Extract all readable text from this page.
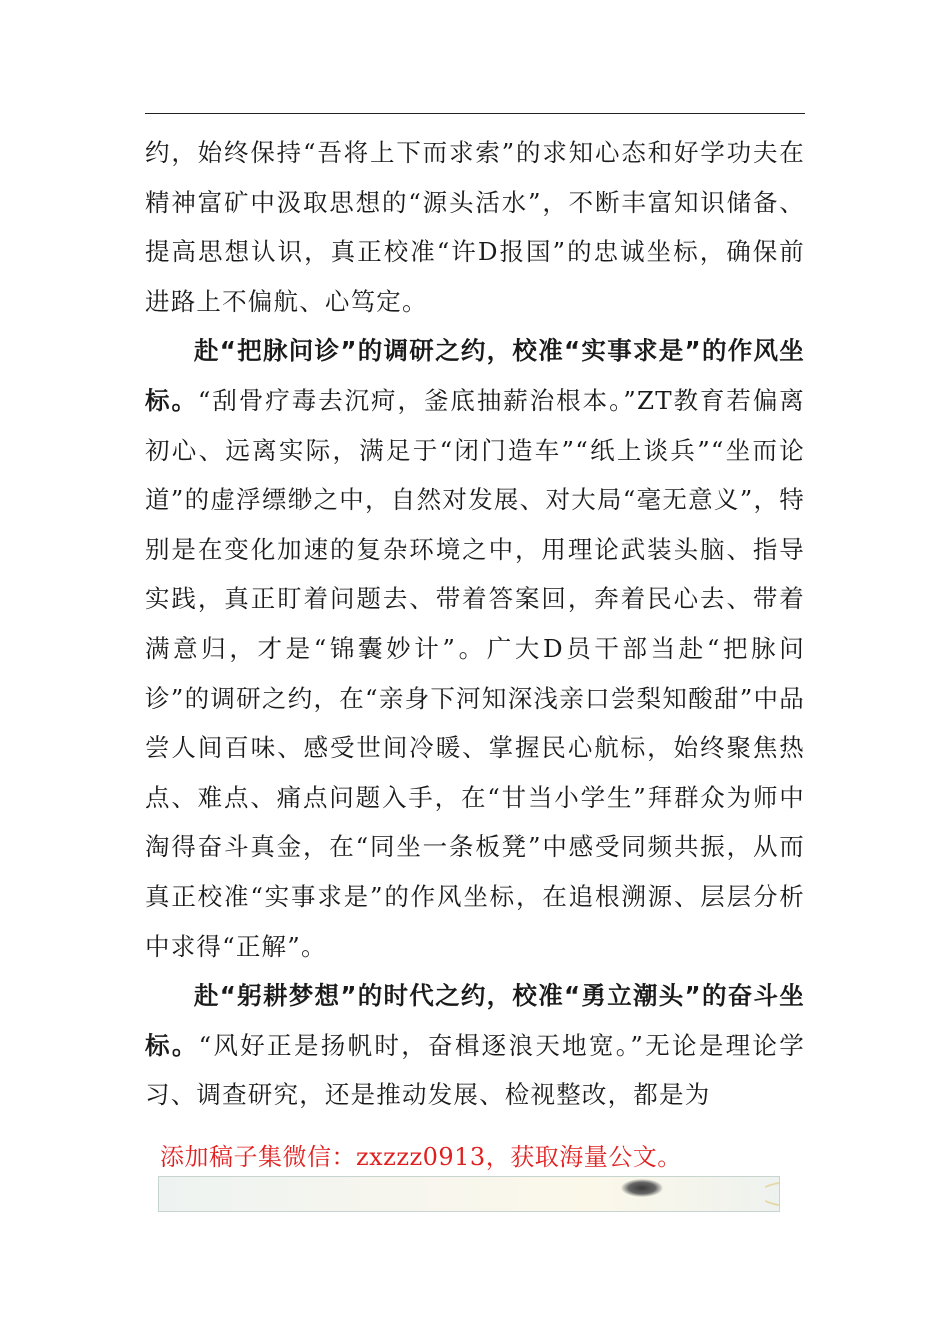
约，始终保持“吾将上下而求索”的求知心态和好学功夫在精神富矿中汲取思想的“源头活水”，不断丰富知识储备、提高思想认识，真正校准“许D报国”的忠诚坐标，确保前进路上不偏航、心笃定。

赴“把脉问诊”的调研之约，校准“实事求是”的作风坐标。“刮骨疗毒去沉疴，釜底抽薪治根本。”ZT教育若偏离初心、远离实际，满足于“闭门造车”“纸上谈兵”“坐而论道”的虚浮缥缈之中，自然对发展、对大局“毫无意义”，特别是在变化加速的复杂环境之中，用理论武装头脑、指导实践，真正盯着问题去、带着答案回，奔着民心去、带着满意归，才是“锦囊妙计”。广大D员干部当赴“把脉问诊”的调研之约，在“亲身下河知深浅亲口尝梨知酸甜”中品尝人间百味、感受世间冷暖、掌握民心航标，始终聚焦热点、难点、痛点问题入手，在“甘当小学生”拜群众为师中淘得奋斗真金，在“同坐一条板凳”中感受同频共振，从而真正校准“实事求是”的作风坐标，在追根溯源、层层分析中求得“正解”。

赴“躬耕梦想”的时代之约，校准“勇立潮头”的奋斗坐标。“风好正是扬帆时，奋楫逐浪天地宽。”无论是理论学习、调查研究，还是推动发展、检视整改，都是为

添加稿子集微信：zxzzz0913，获取海量公文。
